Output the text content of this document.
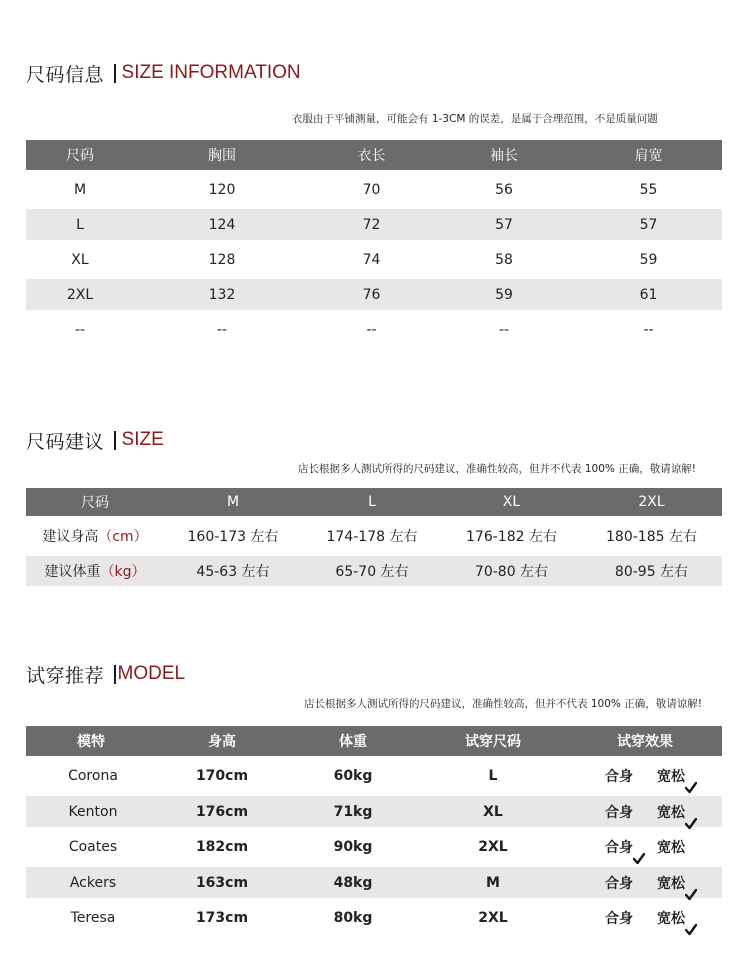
尺码信息 SIZE INFORMATION
衣服由于平铺测量，可能会有 1-3CM 的误差，是属于合理范围，不是质量问题
尺码	胸围	衣长	袖长	肩宽
M	120	70	56	55
L	124	72	57	57
XL	128	74	58	59
2XL	132	76	59	61
--	--	--	--	--
尺码建议 SIZE
店长根据多人测试所得的尺码建议，准确性较高，但并不代表 100% 正确，敬请谅解!
尺码	M	L	XL	2XL
建议身高（cm）	160-173 左右	174-178 左右	176-182 左右	180-185 左右
建议体重（kg）	45-63 左右	65-70 左右	70-80 左右	80-95 左右
试穿推荐 MODEL
店长根据多人测试所得的尺码建议，准确性较高，但并不代表 100% 正确，敬请谅解!
模特	身高	体重	试穿尺码	试穿效果
Corona	170cm	60kg	L	合身 宽松
Kenton	176cm	71kg	XL	合身 宽松
Coates	182cm	90kg	2XL	合身 宽松
Ackers	163cm	48kg	M	合身 宽松
Teresa	173cm	80kg	2XL	合身 宽松
